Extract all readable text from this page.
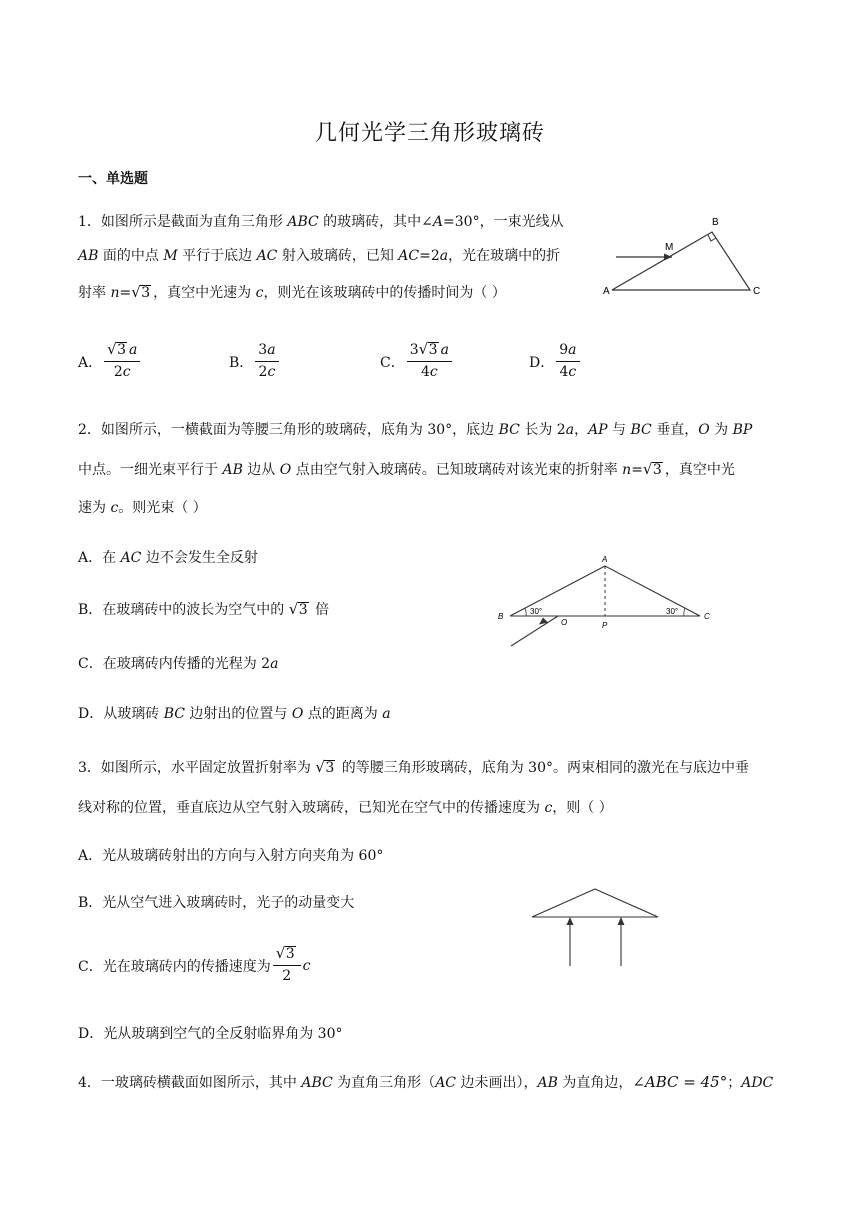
几何光学三角形玻璃砖
一、单选题
1．如图所示是截面为直角三角形 ABC 的玻璃砖，其中∠A=30°，一束光线从
AB 面的中点 M 平行于底边 AC 射入玻璃砖，已知 AC=2a，光在玻璃中的折
射率 n= √ 3 ，真空中光速为 c，则光在该玻璃砖中的传播时间为（ ）	A
B
C
M
A． $\frac{√ 3 a}{2c}$	B． $\frac{3a}{2c}$	C． $\frac{3 √ 3 a}{4c}$	D． $\frac{9a}{4c}$
2．如图所示，一横截面为等腰三角形的玻璃砖，底角为 30°，底边 BC 长为 2a，AP 与 BC 垂直，O 为 BP
中点。一细光束平行于 AB 边从 O 点由空气射入玻璃砖。已知玻璃砖对该光束的折射率 n= √ 3 ，真空中光
速为 c。则光束（ ）
A．在 AC 边不会发生全反射
B．在玻璃砖中的波长为空气中的 √ 3 倍
C．在玻璃砖内传播的光程为 2a
D．从玻璃砖 BC 边射出的位置与 O 点的距离为 a
A
B	C
O	P
30°	30°
3．如图所示，水平固定放置折射率为 √ 3 的等腰三角形玻璃砖，底角为 30°。两束相同的激光在与底边中垂
线对称的位置，垂直底边从空气射入玻璃砖，已知光在空气中的传播速度为 c，则（ ）
A．光从玻璃砖射出的方向与入射方向夹角为 60°
B．光从空气进入玻璃砖时，光子的动量变大
C．光在玻璃砖内的传播速度为 $\frac{√ 3}{2}$ c
D．光从玻璃到空气的全反射临界角为 30°
4．一玻璃砖横截面如图所示，其中 ABC 为直角三角形（AC 边未画出），AB 为直角边，∠ABC = 45°；ADC
